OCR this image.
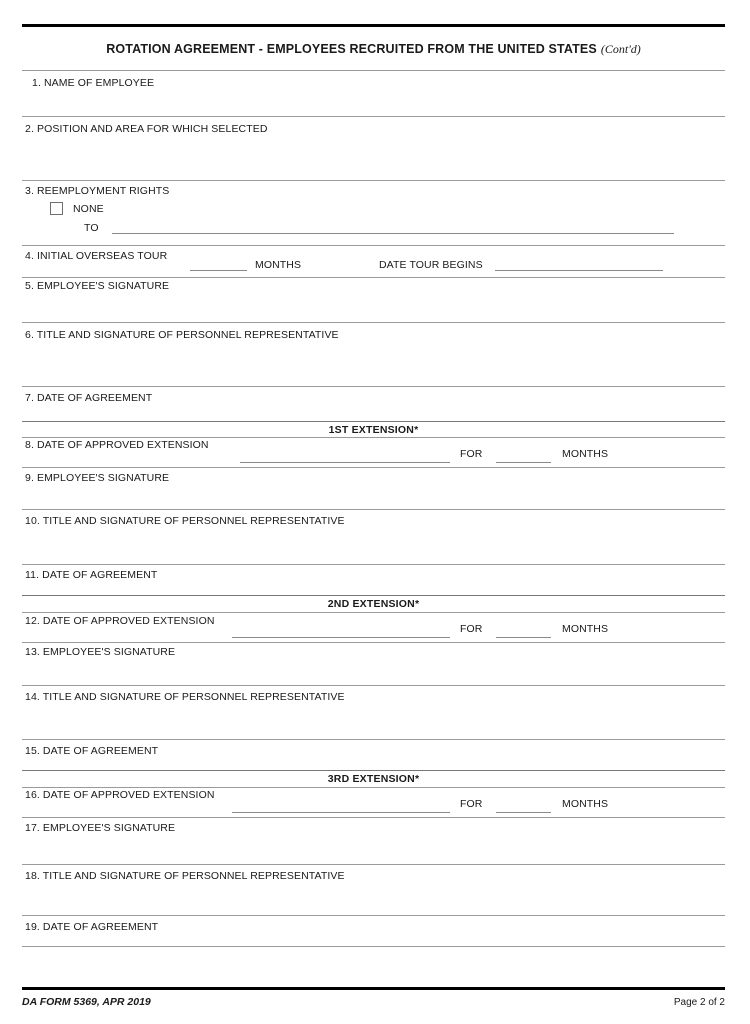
ROTATION AGREEMENT - EMPLOYEES RECRUITED FROM THE UNITED STATES (Cont'd)
1. NAME OF EMPLOYEE
2. POSITION AND AREA FOR WHICH SELECTED
3. REEMPLOYMENT RIGHTS
NONE
TO
4. INITIAL OVERSEAS TOUR
MONTHS	DATE TOUR BEGINS
5. EMPLOYEE'S SIGNATURE
6. TITLE AND SIGNATURE OF PERSONNEL REPRESENTATIVE
7. DATE OF AGREEMENT
1ST EXTENSION*
8. DATE OF APPROVED EXTENSION
FOR	MONTHS
9. EMPLOYEE'S SIGNATURE
10. TITLE AND SIGNATURE OF PERSONNEL REPRESENTATIVE
11. DATE OF AGREEMENT
2ND EXTENSION*
12. DATE OF APPROVED EXTENSION
FOR	MONTHS
13. EMPLOYEE'S SIGNATURE
14. TITLE AND SIGNATURE OF PERSONNEL REPRESENTATIVE
15. DATE OF AGREEMENT
3RD EXTENSION*
16. DATE OF APPROVED EXTENSION
FOR	MONTHS
17. EMPLOYEE'S SIGNATURE
18. TITLE AND SIGNATURE OF PERSONNEL REPRESENTATIVE
19. DATE OF AGREEMENT
DA FORM 5369, APR 2019	Page 2 of 2
